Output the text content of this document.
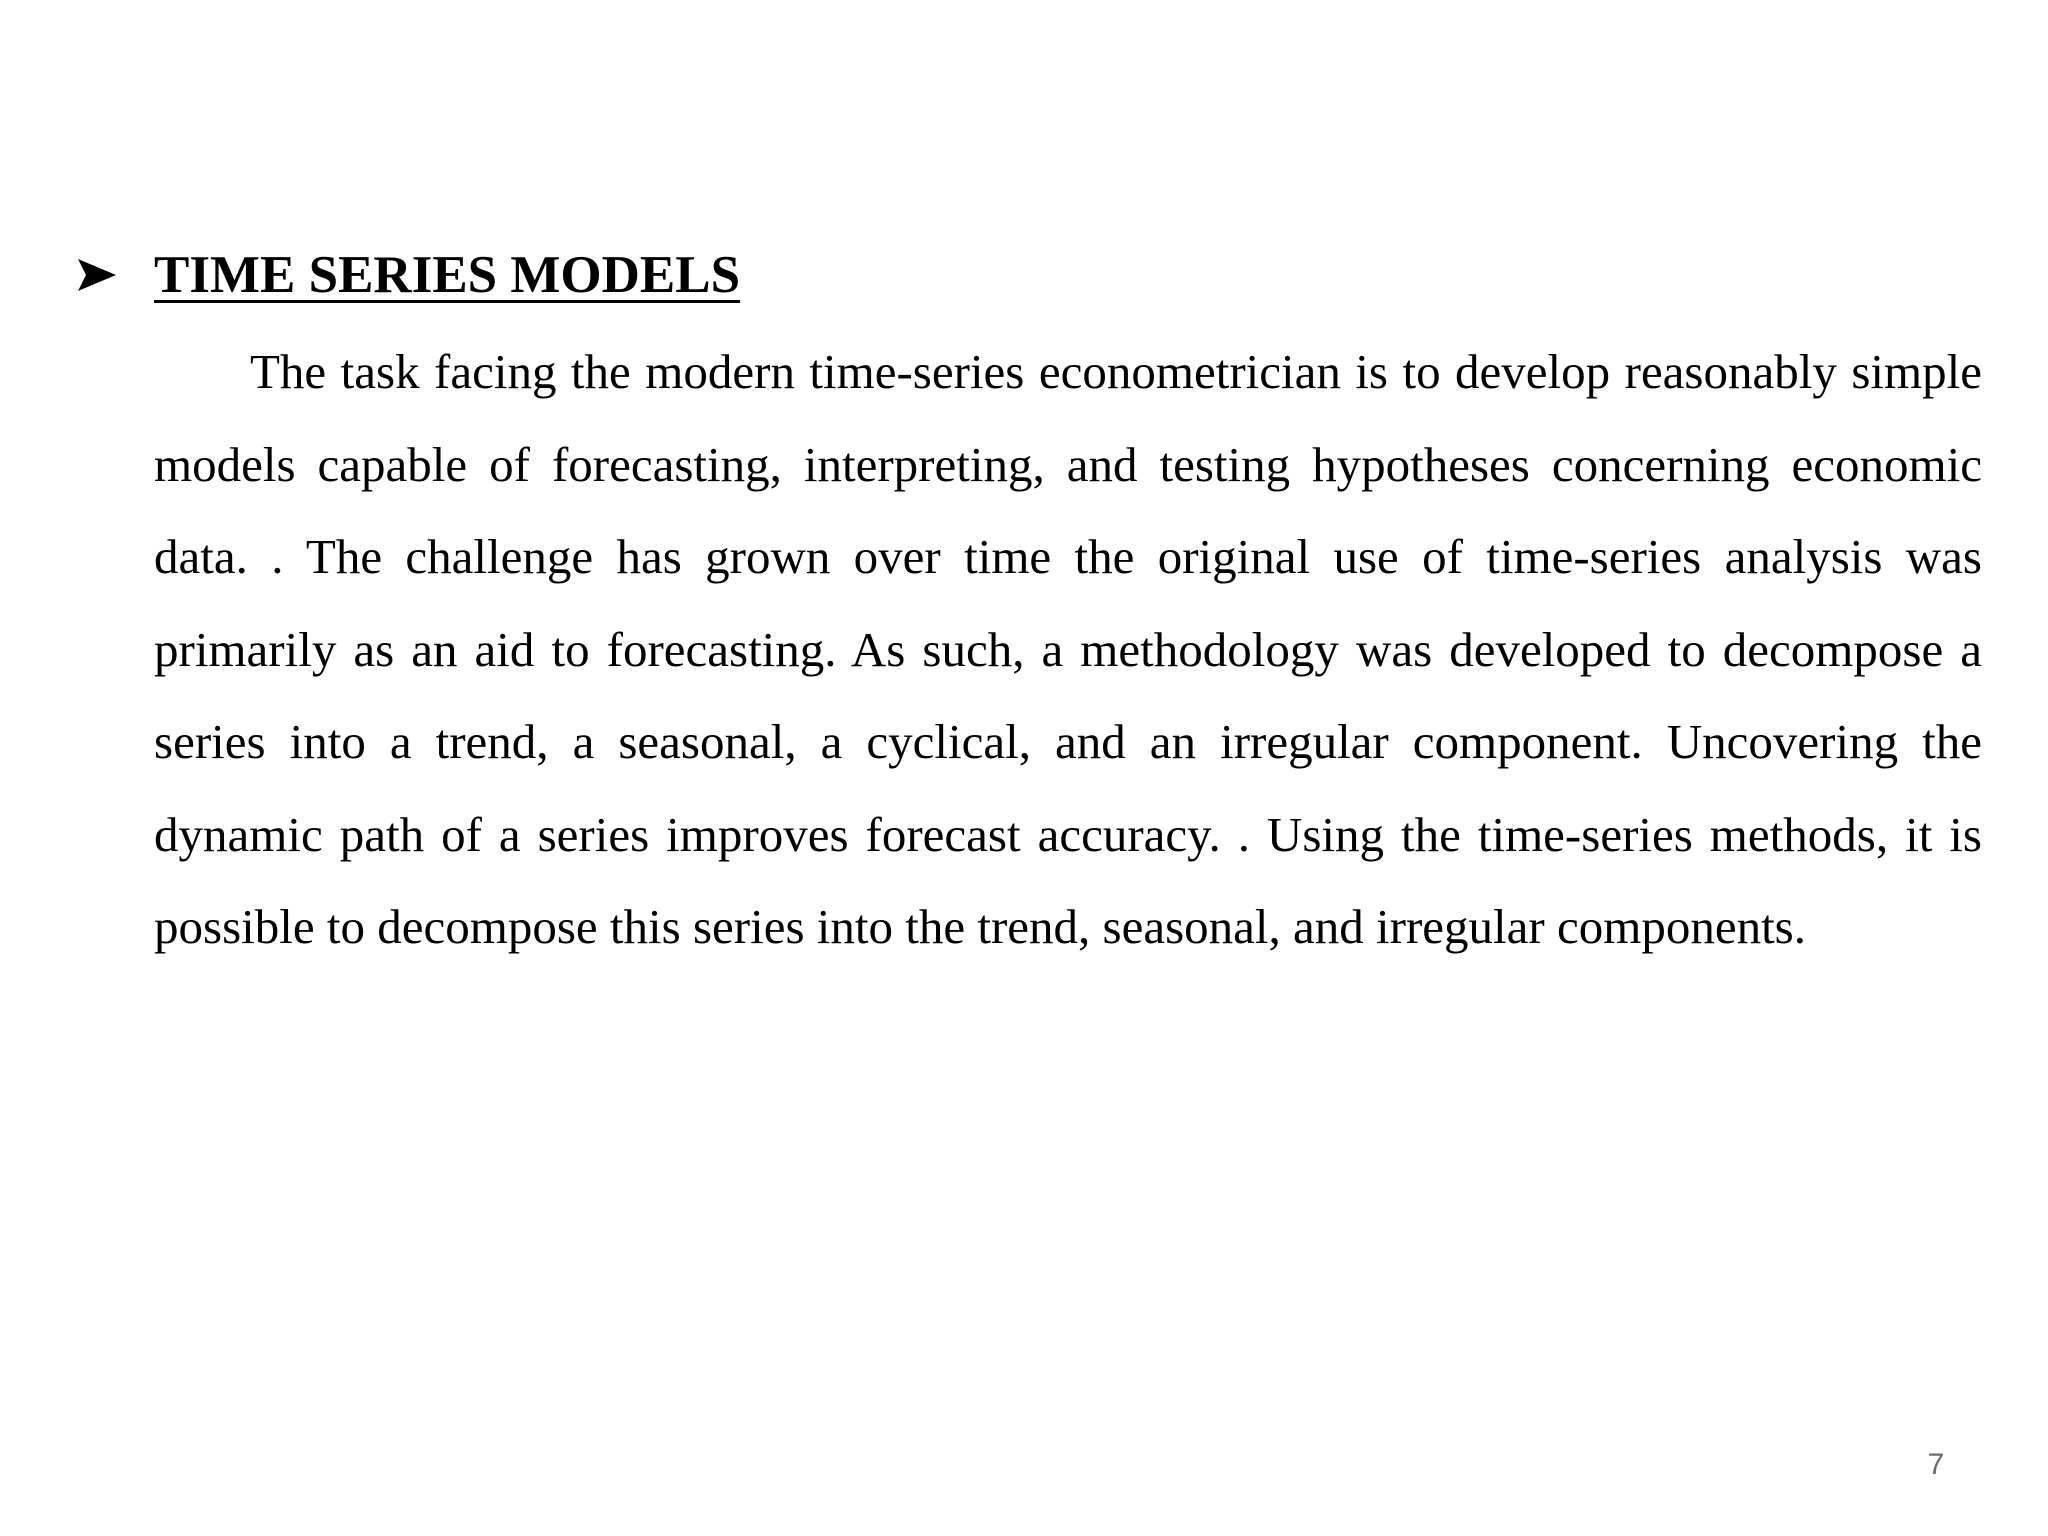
TIME SERIES MODELS

The task facing the modern time-series econometrician is to develop reasonably simple models capable of forecasting, interpreting, and testing hypotheses concerning economic data. . The challenge has grown over time the original use of time-series analysis was primarily as an aid to forecasting. As such, a methodology was developed to decompose a series into a trend, a seasonal, a cyclical, and an irregular component. Uncovering the dynamic path of a series improves forecast accuracy. . Using the time-series methods, it is possible to decompose this series into the trend, seasonal, and irregular components.

7
